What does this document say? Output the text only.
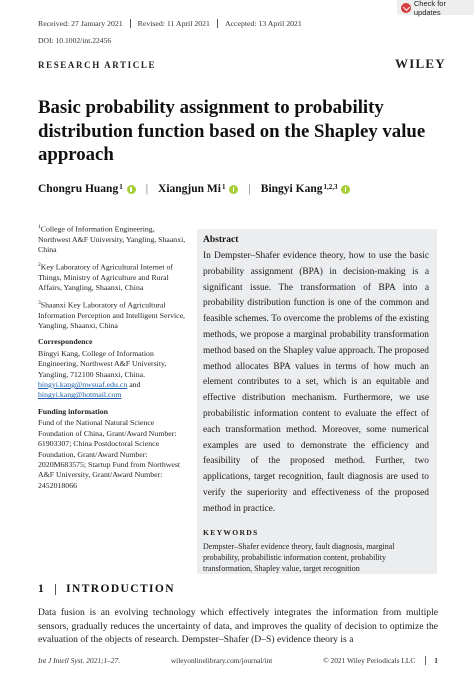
Received: 27 January 2021	Revised: 11 April 2021	Accepted: 13 April 2021
DOI: 10.1002/int.22456
Check for updates
RESEARCH ARTICLE	WILEY
Basic probability assignment to probability distribution function based on the Shapley value approach
Chongru Huang$^1$ | Xiangjun Mi$^1$ | Bingyi Kang$^{1,2,3}$
$^1$College of Information Engineering, Northwest A&F University, Yangling, Shaanxi, China
$^2$Key Laboratory of Agricultural Internet of Things, Ministry of Agriculture and Rural Affairs, Yangling, Shaanxi, China
$^3$Shaanxi Key Laboratory of Agricultural Information Perception and Intelligent Service, Yangling, Shaanxi, China
Correspondence
Bingyi Kang, College of Information Engineering, Northwest A&F University, Yangling, 712100 Shaanxi, China. bingyi.kang@nwsuaf.edu.cn and bingyi.kang@hotmail.com
Funding information
Fund of the National Natural Science Foundation of China, Grant/Award Number: 61903307; China Postdoctoral Science Foundation, Grant/Award Number: 2020M683575; Startup Fund from Northwest A&F University, Grant/Award Number: 2452018066
Abstract

In Dempster–Shafer evidence theory, how to use the basic probability assignment (BPA) in decision-making is a significant issue. The transformation of BPA into a probability distribution function is one of the common and feasible schemes. To overcome the problems of the existing methods, we propose a marginal probability transformation method based on the Shapley value approach. The proposed method allocates BPA values in terms of how much an element contributes to a set, which is an equitable and effective distribution mechanism. Furthermore, we use probabilistic information content to evaluate the effect of each transformation method. Moreover, some numerical examples are used to demonstrate the efficiency and feasibility of the proposed method. Further, two applications, target recognition, fault diagnosis are used to verify the superiority and effectiveness of the proposed method in practice.

KEYWORDS

Dempster–Shafer evidence theory, fault diagnosis, marginal probability, probabilistic information content, probability transformation, Shapley value, target recognition

1 INTRODUCTION

Data fusion is an evolving technology which effectively integrates the information from multiple sensors, gradually reduces the uncertainty of data, and improves the quality of decision to optimize the evaluation of the objects of research. Dempster–Shafer (D–S) evidence theory is a

Int J Intell Syst. 2021;1–27.	wileyonlinelibrary.com/journal/int	© 2021 Wiley Periodicals LLC	1
